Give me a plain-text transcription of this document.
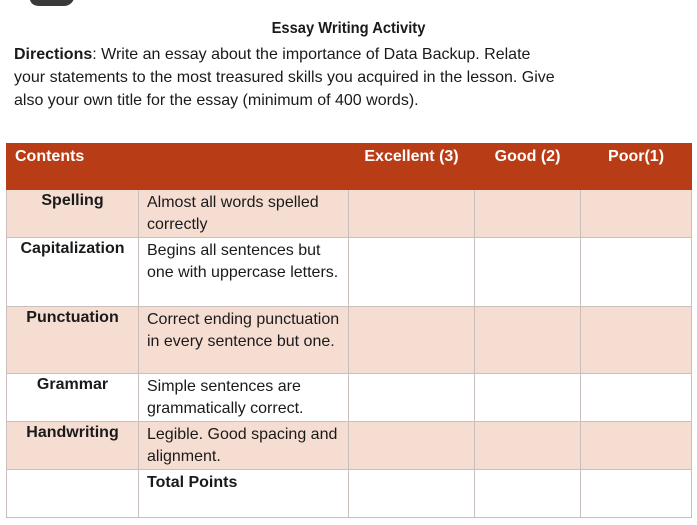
Essay Writing Activity
Directions: Write an essay about the importance of Data Backup. Relate
your statements to the most treasured skills you acquired in the lesson. Give
also your own title for the essay (minimum of 400 words).
Contents		Excellent (3)	Good (2)	Poor(1)
Spelling	Almost all words spelled correctly			
Capitalization	Begins all sentences but one with uppercase letters.			
Punctuation	Correct ending punctuation in every sentence but one.			
Grammar	Simple sentences are grammatically correct.			
Handwriting	Legible. Good spacing and alignment.			
	Total Points			
